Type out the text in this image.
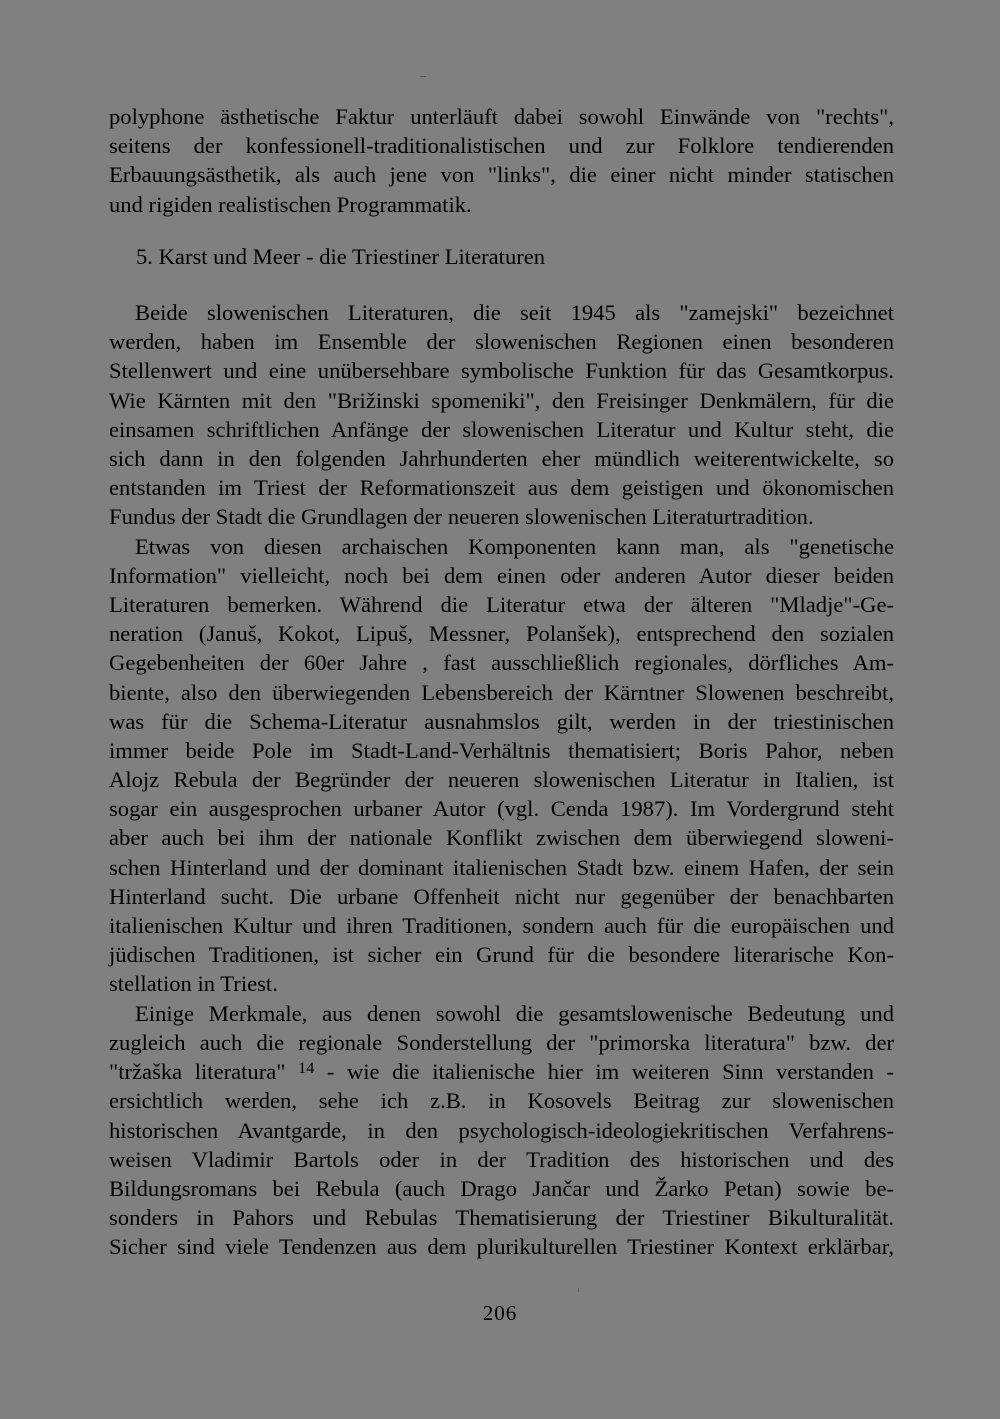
polyphone ästhetische Faktur unterläuft dabei sowohl Einwände von "rechts",
seitens der konfessionell-traditionalistischen und zur Folklore tendierenden
Erbauungsästhetik, als auch jene von "links", die einer nicht minder statischen
und rigiden realistischen Programmatik.
5. Karst und Meer - die Triestiner Literaturen
Beide slowenischen Literaturen, die seit 1945 als "zamejski" bezeichnet
werden, haben im Ensemble der slowenischen Regionen einen besonderen
Stellenwert und eine unübersehbare symbolische Funktion für das Gesamtkorpus.
Wie Kärnten mit den "Brižinski spomeniki", den Freisinger Denkmälern, für die
einsamen schriftlichen Anfänge der slowenischen Literatur und Kultur steht, die
sich dann in den folgenden Jahrhunderten eher mündlich weiterentwickelte, so
entstanden im Triest der Reformationszeit aus dem geistigen und ökonomischen
Fundus der Stadt die Grundlagen der neueren slowenischen Literaturtradition.
Etwas von diesen archaischen Komponenten kann man, als "genetische
Information" vielleicht, noch bei dem einen oder anderen Autor dieser beiden
Literaturen bemerken. Während die Literatur etwa der älteren "Mladje"-Ge-
neration (Januš, Kokot, Lipuš, Messner, Polanšek), entsprechend den sozialen
Gegebenheiten der 60er Jahre , fast ausschließlich regionales, dörfliches Am-
biente, also den überwiegenden Lebensbereich der Kärntner Slowenen beschreibt,
was für die Schema-Literatur ausnahmslos gilt, werden in der triestinischen
immer beide Pole im Stadt-Land-Verhältnis thematisiert; Boris Pahor, neben
Alojz Rebula der Begründer der neueren slowenischen Literatur in Italien, ist
sogar ein ausgesprochen urbaner Autor (vgl. Cenda 1987). Im Vordergrund steht
aber auch bei ihm der nationale Konflikt zwischen dem überwiegend sloweni-
schen Hinterland und der dominant italienischen Stadt bzw. einem Hafen, der sein
Hinterland sucht. Die urbane Offenheit nicht nur gegenüber der benachbarten
italienischen Kultur und ihren Traditionen, sondern auch für die europäischen und
jüdischen Traditionen, ist sicher ein Grund für die besondere literarische Kon-
stellation in Triest.
Einige Merkmale, aus denen sowohl die gesamtslowenische Bedeutung und
zugleich auch die regionale Sonderstellung der "primorska literatura" bzw. der
"tržaška literatura" $^{14}$ - wie die italienische hier im weiteren Sinn verstanden -
ersichtlich werden, sehe ich z.B. in Kosovels Beitrag zur slowenischen
historischen Avantgarde, in den psychologisch-ideologiekritischen Verfahrens-
weisen Vladimir Bartols oder in der Tradition des historischen und des
Bildungsromans bei Rebula (auch Drago Jančar und Žarko Petan) sowie be-
sonders in Pahors und Rebulas Thematisierung der Triestiner Bikulturalität.
Sicher sind viele Tendenzen aus dem plurikulturellen Triestiner Kontext erklärbar,
206
